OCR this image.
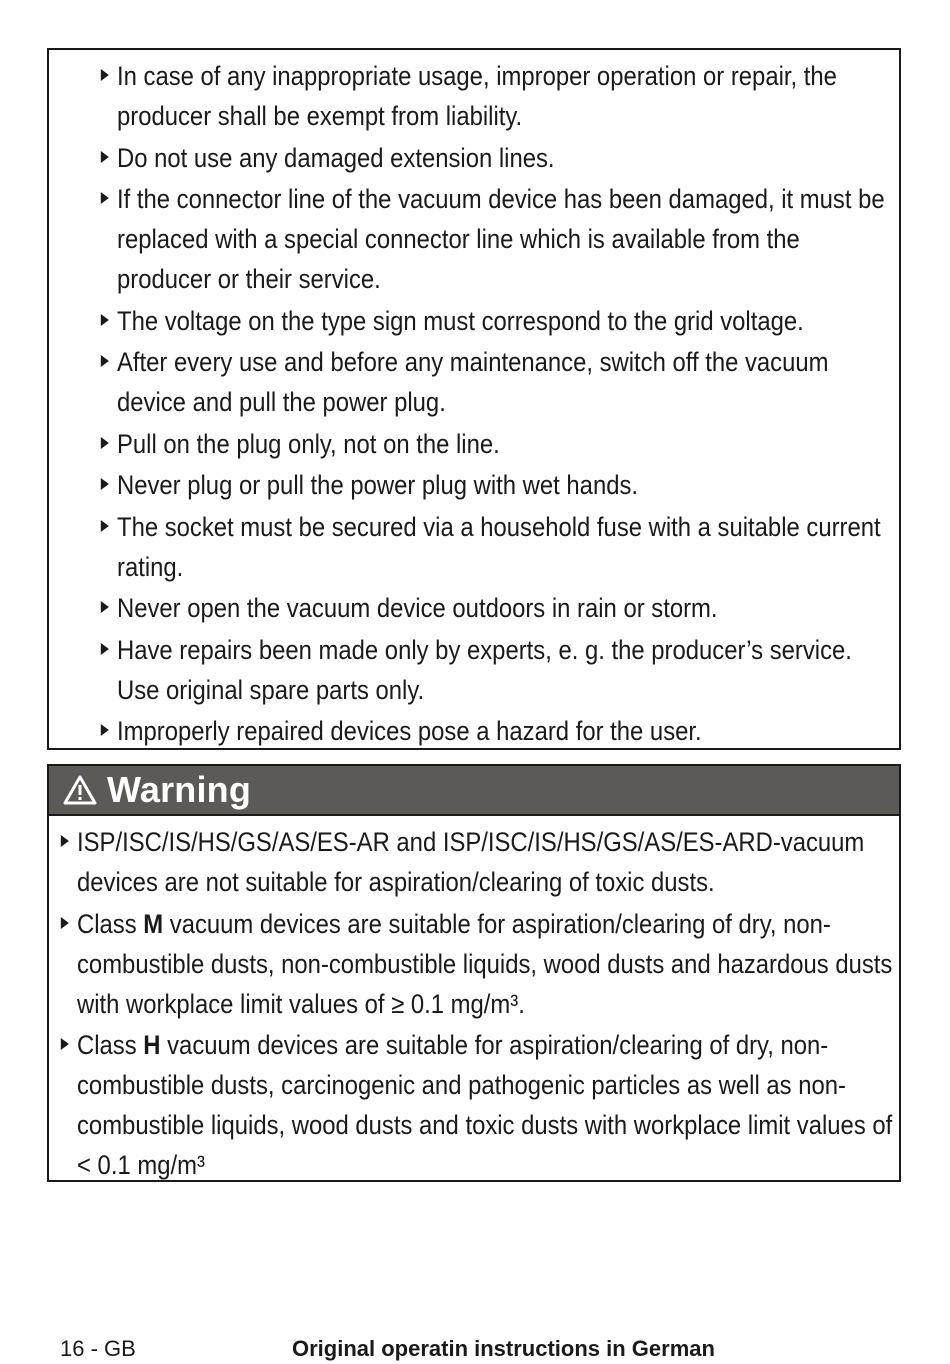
In case of any inappropriate usage, improper operation or repair, the producer shall be exempt from liability.
Do not use any damaged extension lines.
If the connector line of the vacuum device has been damaged, it must be replaced with a special connector line which is available from the producer or their service.
The voltage on the type sign must correspond to the grid voltage.
After every use and before any maintenance, switch off the vacuum device and pull the power plug.
Pull on the plug only, not on the line.
Never plug or pull the power plug with wet hands.
The socket must be secured via a household fuse with a suitable current rating.
Never open the vacuum device outdoors in rain or storm.
Have repairs been made only by experts, e. g. the producer’s service. Use original spare parts only.
Improperly repaired devices pose a hazard for the user.
Warning
ISP/ISC/IS/HS/GS/AS/ES-AR and ISP/ISC/IS/HS/GS/AS/ES-ARD-vacuum devices are not suitable for aspiration/clearing of toxic dusts.
Class M vacuum devices are suitable for aspiration/clearing of dry, non-combustible dusts, non-combustible liquids, wood dusts and hazardous dusts with workplace limit values of ≥ 0.1 mg/m³.
Class H vacuum devices are suitable for aspiration/clearing of dry, non-combustible dusts, carcinogenic and pathogenic particles as well as non-combustible liquids, wood dusts and toxic dusts with workplace limit values of < 0.1 mg/m³
16 - GB	Original operatin instructions in German
